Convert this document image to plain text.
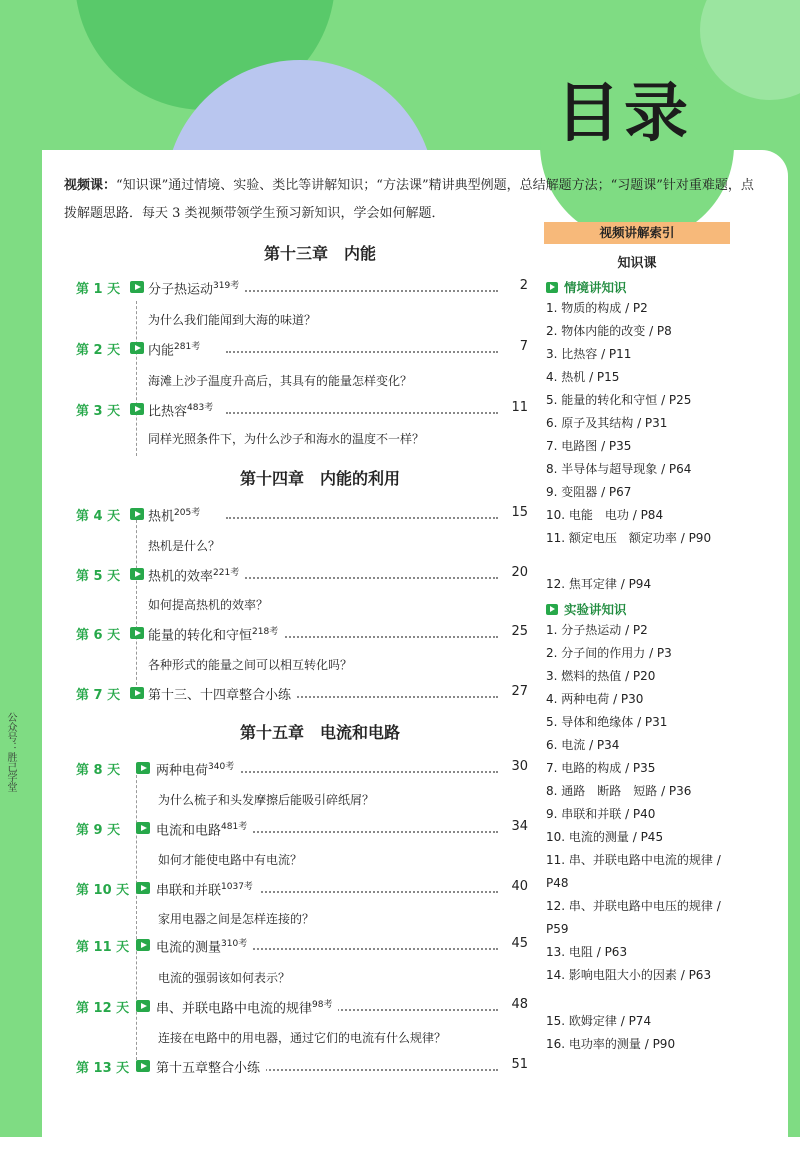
目录
公众号：胜己学堂
视频课：“知识课”通过情境、实验、类比等讲解知识；“方法课”精讲典型例题，总结解题方法；“习题课”针对重难题，点拨解题思路．每天 3 类视频带领学生预习新知识，学会如何解题．
第十三章　内能
第十四章　内能的利用
第十五章　电流和电路
第 1 天	分子热运动$^{319考}$	2
为什么我们能闻到大海的味道？
第 2 天	内能$^{281考}$	7
海滩上沙子温度升高后，其具有的能量怎样变化？
第 3 天	比热容$^{483考}$	11
同样光照条件下，为什么沙子和海水的温度不一样？
第 4 天	热机$^{205考}$	15
热机是什么？
第 5 天	热机的效率$^{221考}$	20
如何提高热机的效率？
第 6 天	能量的转化和守恒$^{218考}$	25
各种形式的能量之间可以相互转化吗？
第 7 天	第十三、十四章整合小练	27
第 8 天	两种电荷$^{340考}$	30
为什么梳子和头发摩擦后能吸引碎纸屑？
第 9 天	电流和电路$^{481考}$	34
如何才能使电路中有电流？
第 10 天 串联和并联$^{1037考}$	40
家用电器之间是怎样连接的？
第 11 天 电流的测量$^{310考}$	45
电流的强弱该如何表示？
第 12 天 串、并联电路中电流的规律$^{98考}$	48
连接在电路中的用电器，通过它们的电流有什么规律？
第 13 天 第十五章整合小练	51
视频讲解索引
知识课
情境讲知识
1. 物质的构成 / P2
2. 物体内能的改变 / P8
3. 比热容 / P11
4. 热机 / P15
5. 能量的转化和守恒 / P25
6. 原子及其结构 / P31
7. 电路图 / P35
8. 半导体与超导现象 / P64
9. 变阻器 / P67
10. 电能　电功 / P84
11. 额定电压　额定功率 / P90
12. 焦耳定律 / P94
实验讲知识
1. 分子热运动 / P2
2. 分子间的作用力 / P3
3. 燃料的热值 / P20
4. 两种电荷 / P30
5. 导体和绝缘体 / P31
6. 电流 / P34
7. 电路的构成 / P35
8. 通路　断路　短路 / P36
9. 串联和并联 / P40
10. 电流的测量 / P45
11. 串、并联电路中电流的规律 / P48
12. 串、并联电路中电压的规律 / P59
13. 电阻 / P63
14. 影响电阻大小的因素 / P63
15. 欧姆定律 / P74
16. 电功率的测量 / P90
